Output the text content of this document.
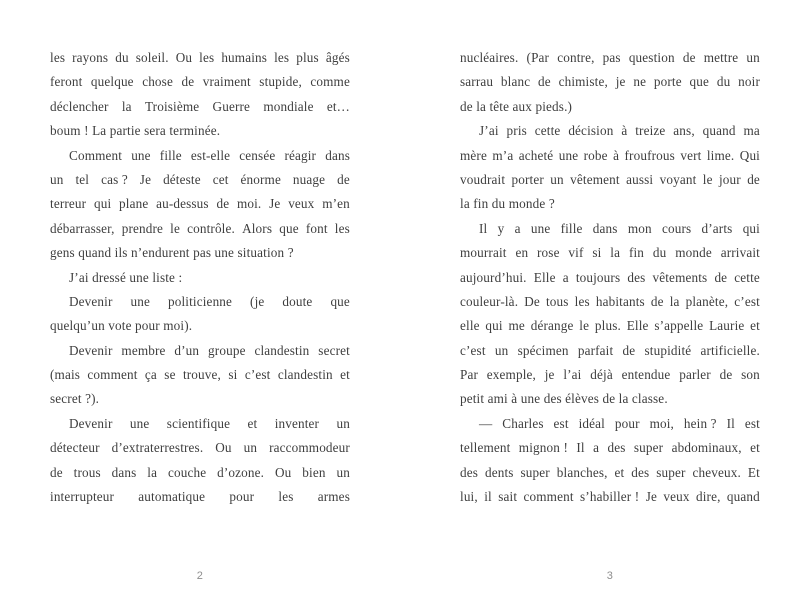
les rayons du soleil. Ou les humains les plus âgés
feront quelque chose de vraiment stupide, comme
déclencher la Troisième Guerre mondiale et…
boum ! La partie sera terminée.
Comment une fille est-elle censée réagir dans
un tel cas ? Je déteste cet énorme nuage de
terreur qui plane au-dessus de moi. Je veux m’en
débarrasser, prendre le contrôle. Alors que font les
gens quand ils n’endurent pas une situation ?
J’ai dressé une liste :
Devenir une politicienne (je doute que
quelqu’un vote pour moi).
Devenir membre d’un groupe clandestin secret
(mais comment ça se trouve, si c’est clandestin et
secret ?).
Devenir une scientifique et inventer un
détecteur d’extraterrestres. Ou un raccommodeur
de trous dans la couche d’ozone. Ou bien un
interrupteur automatique pour les armes
2
nucléaires. (Par contre, pas question de mettre un
sarrau blanc de chimiste, je ne porte que du noir
de la tête aux pieds.)
J’ai pris cette décision à treize ans, quand ma
mère m’a acheté une robe à froufrous vert lime. Qui
voudrait porter un vêtement aussi voyant le jour de
la fin du monde ?
Il y a une fille dans mon cours d’arts qui
mourrait en rose vif si la fin du monde arrivait
aujourd’hui. Elle a toujours des vêtements de cette
couleur-là. De tous les habitants de la planète, c’est
elle qui me dérange le plus. Elle s’appelle Laurie et
c’est un spécimen parfait de stupidité artificielle.
Par exemple, je l’ai déjà entendue parler de son
petit ami à une des élèves de la classe.
— Charles est idéal pour moi, hein ? Il est
tellement mignon ! Il a des super abdominaux, et
des dents super blanches, et des super cheveux. Et
lui, il sait comment s’habiller ! Je veux dire, quand
3
